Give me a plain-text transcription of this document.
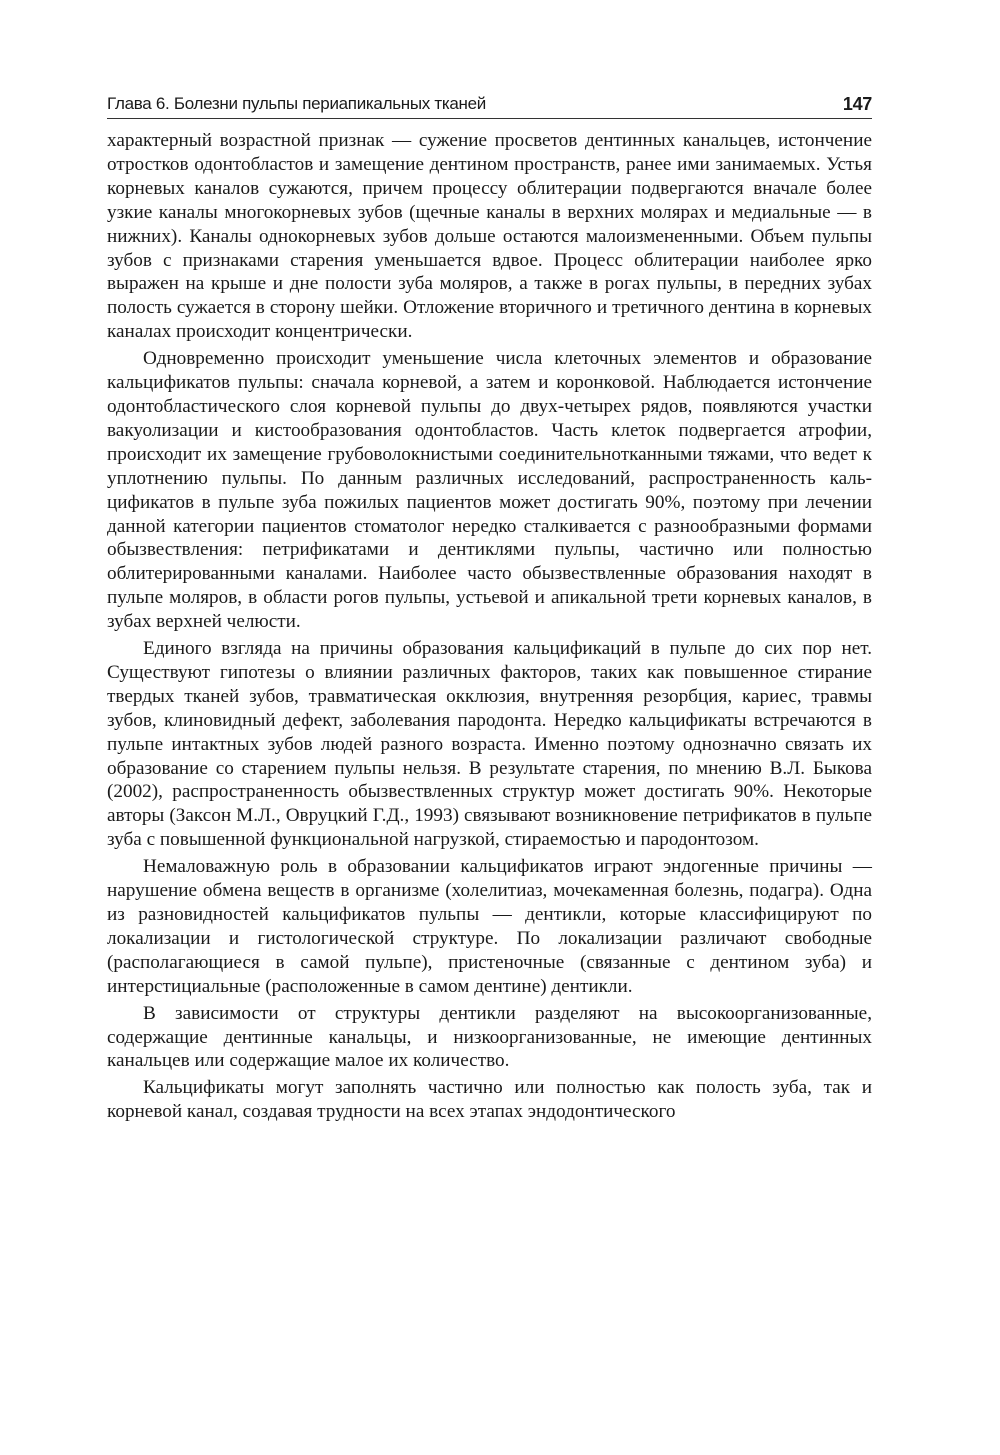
Глава 6. Болезни пульпы периапикальных тканей	147

характерный возрастной признак — сужение просветов дентинных канальцев, истончение отростков одонтобластов и замещение дентином пространств, ранее ими занимаемых. Устья корневых каналов сужаются, причем процессу облитерации подвергаются вначале более узкие каналы многокорневых зубов (щечные каналы в верхних молярах и медиальные — в нижних). Каналы однокорневых зубов дольше остаются малоизмененными. Объем пульпы зубов с признаками старения уменьшается вдвое. Процесс облитерации наиболее ярко выражен на крыше и дне полости зуба моляров, а также в рогах пульпы, в передних зубах полость сужается в сторону шейки. Отложение вторичного и третичного дентина в корневых каналах происходит концентрически.

Одновременно происходит уменьшение числа клеточных элементов и образование кальцификатов пульпы: сначала корневой, а затем и коронковой. Наблюдается истончение одонтобластического слоя корневой пульпы до двух-четырех рядов, появляются участки вакуолизации и кистообразования одонтобластов. Часть клеток подвергается атрофии, происходит их замещение грубоволокнистыми соединительнотканными тяжами, что ведет к уплотнению пульпы. По данным различных исследований, распространенность кальцификатов в пульпе зуба пожилых пациентов может достигать 90%, поэтому при лечении данной категории пациентов стоматолог нередко сталкивается с разнообразными формами обызвествления: петрификатами и дентиклями пульпы, частично или полностью облитерированными каналами. Наиболее часто обызвествленные образования находят в пульпе моляров, в области рогов пульпы, устьевой и апикальной трети корневых каналов, в зубах верхней челюсти.

Единого взгляда на причины образования кальцификаций в пульпе до сих пор нет. Существуют гипотезы о влиянии различных факторов, таких как повышенное стирание твердых тканей зубов, травматическая окклюзия, внутренняя резорбция, кариес, травмы зубов, клиновидный дефект, заболевания пародонта. Нередко кальцификаты встречаются в пульпе интактных зубов людей разного возраста. Именно поэтому однозначно связать их образование со старением пульпы нельзя. В результате старения, по мнению В.Л. Быкова (2002), распространенность обызвествленных структур может достигать 90%. Некоторые авторы (Заксон М.Л., Овруцкий Г.Д., 1993) связывают возникновение петрификатов в пульпе зуба с повышенной функциональной нагрузкой, стираемостью и пародонтозом.

Немаловажную роль в образовании кальцификатов играют эндогенные причины — нарушение обмена веществ в организме (холелитиаз, мочекаменная болезнь, подагра). Одна из разновидностей кальцификатов пульпы — дентикли, которые классифицируют по локализации и гистологической структуре. По локализации различают свободные (располагающиеся в самой пульпе), пристеночные (связанные с дентином зуба) и интерстициальные (расположенные в самом дентине) дентикли.

В зависимости от структуры дентикли разделяют на высокоорганизованные, содержащие дентинные канальцы, и низкоорганизованные, не имеющие дентинных канальцев или содержащие малое их количество.

Кальцификаты могут заполнять частично или полностью как полость зуба, так и корневой канал, создавая трудности на всех этапах эндодонтического
